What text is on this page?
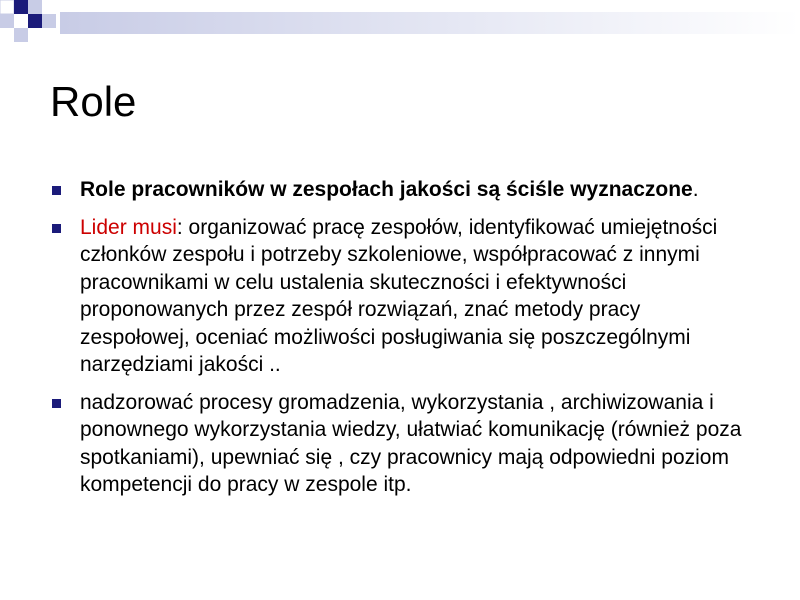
Role
Role pracowników w zespołach jakości są ściśle wyznaczone.
Lider musi: organizować pracę zespołów, identyfikować umiejętności członków zespołu i potrzeby szkoleniowe, współpracować z innymi pracownikami w celu ustalenia skuteczności i efektywności proponowanych przez zespół rozwiązań, znać metody pracy zespołowej, oceniać możliwości posługiwania się poszczególnymi narzędziami jakości ..
nadzorować procesy gromadzenia, wykorzystania , archiwizowania i ponownego wykorzystania wiedzy, ułatwiać komunikację (również poza spotkaniami), upewniać się , czy pracownicy mają odpowiedni poziom kompetencji do pracy w zespole itp.
